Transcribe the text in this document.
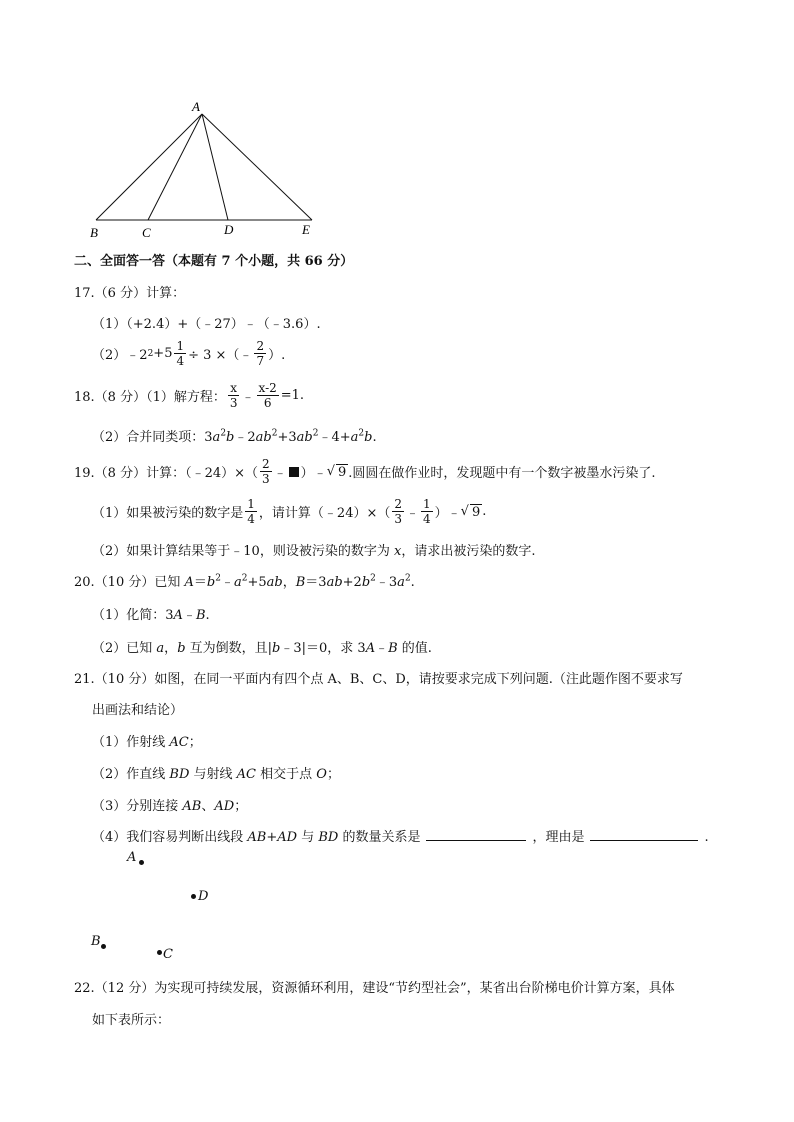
A
B	C	D	E
二、全面答一答（本题有 7 个小题，共 66 分）
17.（6 分）计算：
（1）（+2.4）+（﹣27）﹣（﹣3.6）.
（2） ﹣2 $2 +5 \frac{1}{4} \div 3$ ×（﹣ $\frac{2}{7}$ ）.
18.（8 分）（1）解方程： $\frac{x}{3}$ ﹣ $\frac{x-2}{6} =1$.
（2）合并同类项：$3a^2b﹣2ab^2+3ab^2﹣4+a^2b$.
19.（8 分）计算：（﹣24）×（ $\frac{2}{3}$ ﹣ ）﹣ √ 9 .圆圆在做作业时，发现题中有一个数字被墨水污染了.
（1）如果被污染的数字是 $\frac{1}{4}$ ，请计算（﹣24）×（ $\frac{2}{3}$ ﹣ $\frac{1}{4}$ ）﹣ √ 9 .
（2）如果计算结果等于﹣10，则设被污染的数字为 x，请求出被污染的数字.
20.（10 分）已知 $A=b^2﹣a^2+5ab$，$B=3ab+2b^2﹣3a^2$.
（1）化简：3A﹣B.
（2）已知 a，b 互为倒数，且|b﹣3|＝0，求 3A﹣B 的值.
21.（10 分）如图，在同一平面内有四个点 A、B、C、D，请按要求完成下列问题.（注此题作图不要求写
出画法和结论）
（1）作射线 AC；
（2）作直线 BD 与射线 AC 相交于点 O；
（3）分别连接 AB、AD；
（4）我们容易判断出线段 AB+AD 与 BD 的数量关系是	，理由是	.
A
D
B
C
22.（12 分）为实现可持续发展，资源循环利用，建设“节约型社会”，某省出台阶梯电价计算方案，具体
如下表所示：
